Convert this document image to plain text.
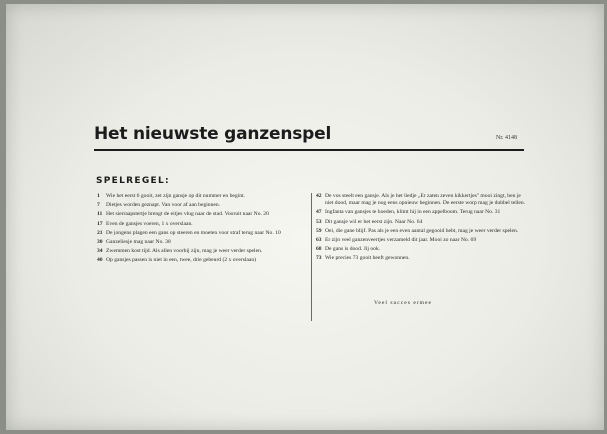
Het nieuwste ganzenspel	Nr. 4148
SPELREGEL:
1	Wie het eerst 6 gooit, zet zijn gansje op dit nummer en begint.
7	Dietjes worden geznapt. Van voor af aan beginnen.
11 Het sierraapstertje brengt de eitjes vlug naar de stad. Vooruit naar No. 20
17 Even de gansjes voeren, 1 x overslaan.
21 De jongens plagen een gans op steeren en moeten voor straf terug naar No. 10
30 Ganzeliesje mag naar No. 38
34 Zwemmen kost tijd. Als allen voorbij zijn, mag je weer verder spelen.
40 Op gansjes passen is niet in een, twee, drie gebeurd (2 x overslaan)
42 De vos steelt een gansje. Als je het liedje „Er zaten zeven kikkertjes" mooi zingt, ben je niet dood, maar mag je nog eens opnieuw beginnen. De eerste worp mag je dubbel tellen.
47 Ingfanta van gansjes te hoeden, klimt hij in een appelboom. Terug naar No. 31
53 Dit gansje wil er het eerst zijn. Naar No. 64
59 Oei, die gane blijf. Pas als je een even aantal gegooid hebt, mag je weer verder spelen.
63 Er zijn veel ganzenveertjes verzameld dit jaar. Mooi zo naar No. 69
68 De gans is dood. Jij ook.
73 Wie precies 73 gooit heeft gewonnen.
Veel succes ermee
